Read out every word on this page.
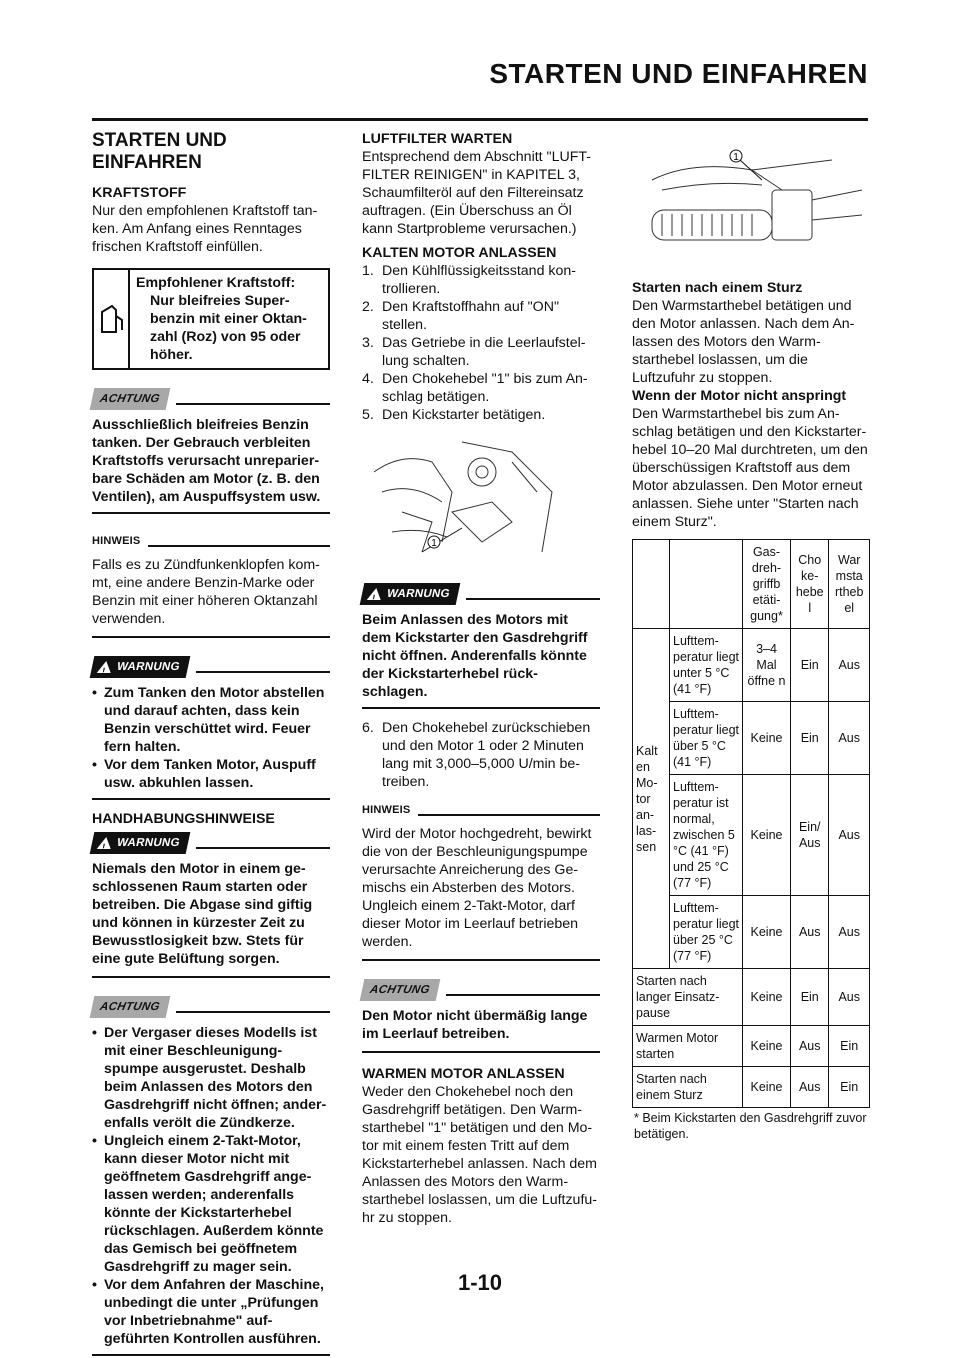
STARTEN UND EINFAHREN
STARTEN UND EINFAHREN
KRAFTSTOFF

Nur den empfohlenen Kraftstoff tan-ken. Am Anfang eines Renntages frischen Kraftstoff einfüllen.

Empfohlener Kraftstoff:
Nur bleifreies Super-benzin mit einer Oktan-zahl (Roz) von 95 oder höher.
ACHTUNG

Ausschließlich bleifreies Benzin tanken. Der Gebrauch verbleiten Kraftstoffs verursacht unreparier-bare Schäden am Motor (z. B. den Ventilen), am Auspuffsystem usw.

HINWEIS

Falls es zu Zündfunkenklopfen kom-mt, eine andere Benzin-Marke oder Benzin mit einer höheren Oktanzahl verwenden.

!
WARNUNG
• Zum Tanken den Motor abstellen und darauf achten, dass kein Benzin verschüttet wird. Feuer fern halten.
• Vor dem Tanken Motor, Auspuff usw. abkuhlen lassen.
HANDHABUNGSHINWEISE
!
WARNUNG

Niemals den Motor in einem ge-schlossenen Raum starten oder betreiben. Die Abgase sind giftig und können in kürzester Zeit zu Bewusstlosigkeit bzw. Stets für eine gute Belüftung sorgen.

ACHTUNG
• Der Vergaser dieses Modells ist mit einer Beschleunigung-spumpe ausgerustet. Deshalb beim Anlassen des Motors den Gasdrehgriff nicht öffnen; ander-enfalls verölt die Zündkerze.
• Ungleich einem 2-Takt-Motor, kann dieser Motor nicht mit geöffnetem Gasdrehgriff ange-lassen werden; anderenfalls könnte der Kickstarterhebel rückschlagen. Außerdem könnte das Gemisch bei geöffnetem Gasdrehgriff zu mager sein.
• Vor dem Anfahren der Maschine, unbedingt die unter „Prüfungen vor Inbetriebnahme" auf-geführten Kontrollen ausführen.
LUFTFILTER WARTEN

Entsprechend dem Abschnitt "LUFT-FILTER REINIGEN" in KAPITEL 3, Schaumfilteröl auf den Filtereinsatz auftragen. (Ein Überschuss an Öl kann Startprobleme verursachen.)

KALTEN MOTOR ANLASSEN
1. Den Kühlflüssigkeitsstand kon-trollieren.
2. Den Kraftstoffhahn auf "ON" stellen.
3. Das Getriebe in die Leerlaufstel-lung schalten.
4. Den Chokehebel "1" bis zum An-schlag betätigen.
5. Den Kickstarter betätigen.
1
!
WARNUNG

Beim Anlassen des Motors mit dem Kickstarter den Gasdrehgriff nicht öffnen. Anderenfalls könnte der Kickstarterhebel rück-schlagen.

6. Den Chokehebel zurückschieben und den Motor 1 oder 2 Minuten lang mit 3,000–5,000 U/min be-treiben.
HINWEIS

Wird der Motor hochgedreht, bewirkt die von der Beschleunigungspumpe verursachte Anreicherung des Ge-mischs ein Absterben des Motors. Ungleich einem 2-Takt-Motor, darf dieser Motor im Leerlauf betrieben werden.

ACHTUNG

Den Motor nicht übermäßig lange im Leerlauf betreiben.

WARMEN MOTOR ANLASSEN

Weder den Chokehebel noch den Gasdrehgriff betätigen. Den Warm-starthebel "1" betätigen und den Mo-tor mit einem festen Tritt auf dem Kickstarterhebel anlassen. Nach dem Anlassen des Motors den Warm-starthebel loslassen, um die Luftzufu-hr zu stoppen.

1
Starten nach einem Sturz

Den Warmstarthebel betätigen und den Motor anlassen. Nach dem An-lassen des Motors den Warm-starthebel loslassen, um die Luftzufuhr zu stoppen.

Wenn der Motor nicht anspringt

Den Warmstarthebel bis zum An-schlag betätigen und den Kickstarter-hebel 10–20 Mal durchtreten, um den überschüssigen Kraftstoff aus dem Motor abzulassen. Den Motor erneut anlassen. Siehe unter "Starten nach einem Sturz".

		Gas-dreh-griffb etäti-gung*	Cho ke-hebe l	War msta rtheb el
Kalt en Mo-tor an-las-sen	Lufttem-peratur liegt unter 5 °C (41 °F)	3–4 Mal öffne n	Ein	Aus
	Lufttem-peratur liegt über 5 °C (41 °F)	Keine	Ein	Aus
	Lufttem-peratur ist normal, zwischen 5 °C (41 °F) und 25 °C (77 °F)	Keine	Ein/ Aus	Aus
	Lufttem-peratur liegt über 25 °C (77 °F)	Keine	Aus	Aus
Starten nach langer Einsatz-pause		Keine	Ein	Aus
Warmen Motor starten		Keine	Aus	Ein
Starten nach einem Sturz		Keine	Aus	Ein

* Beim Kickstarten den Gasdrehgriff zuvor betätigen.

1-10
